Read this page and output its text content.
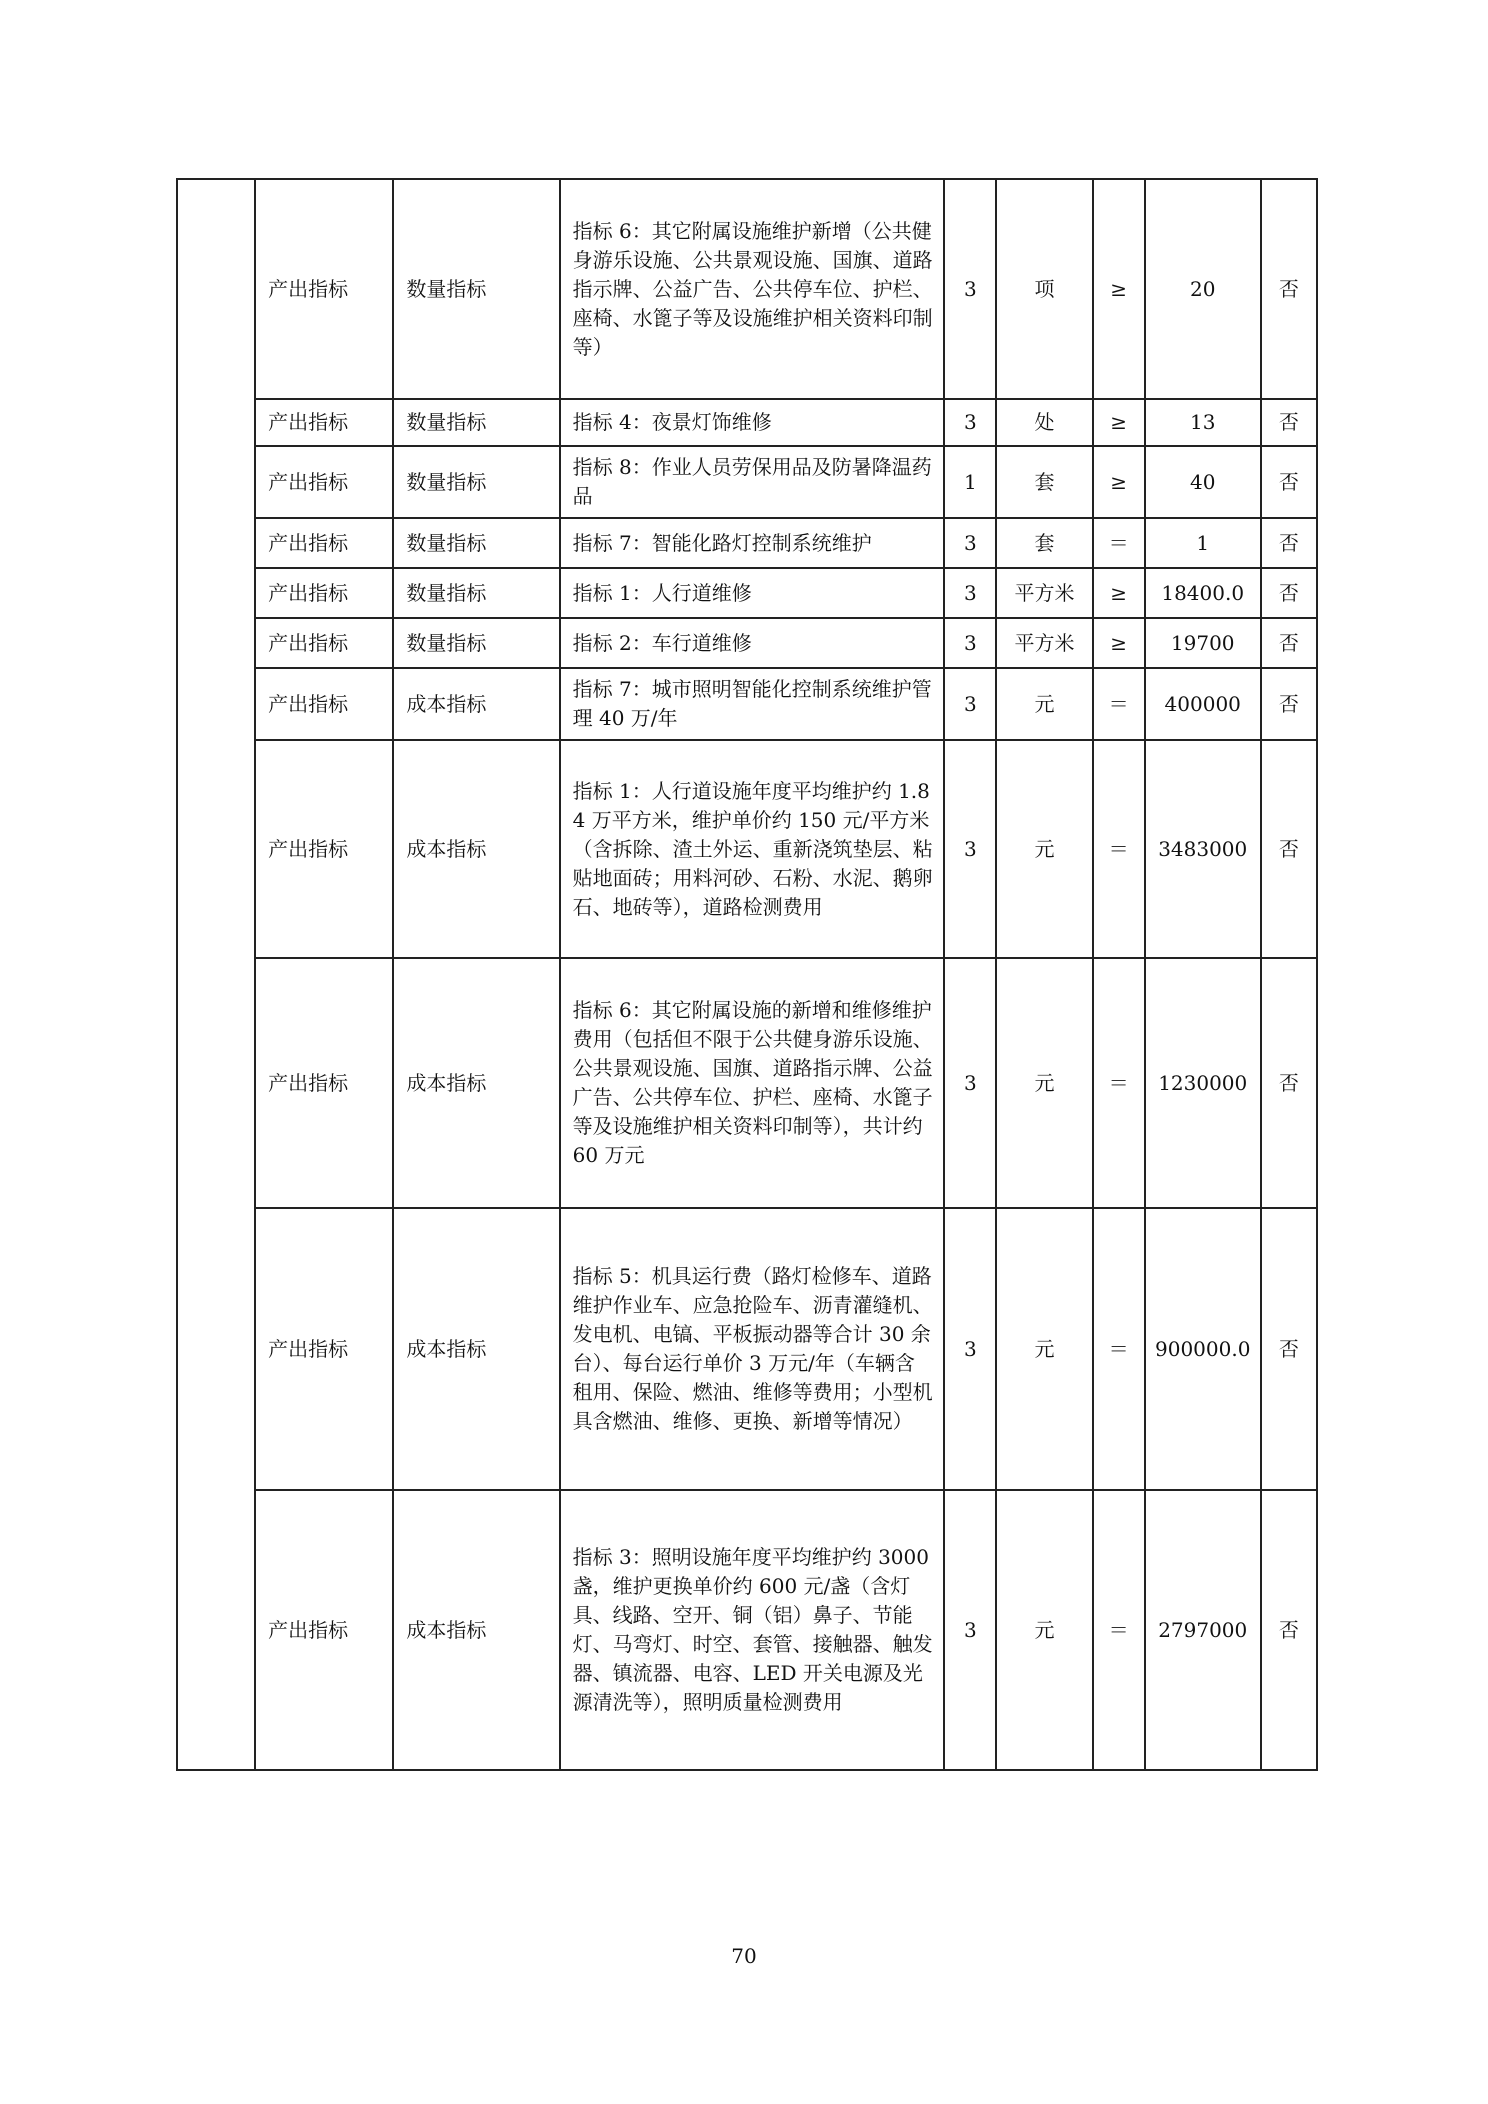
	产出指标	数量指标	指标 6：其它附属设施维护新增（公共健身游乐设施、公共景观设施、国旗、道路指示牌、公益广告、公共停车位、护栏、座椅、水篦子等及设施维护相关资料印制等）	3	项	≥	20	否
	产出指标	数量指标	指标 4：夜景灯饰维修	3	处	≥	13	否
	产出指标	数量指标	指标 8：作业人员劳保用品及防暑降温药品	1	套	≥	40	否
	产出指标	数量指标	指标 7：智能化路灯控制系统维护	3	套	＝	1	否
	产出指标	数量指标	指标 1：人行道维修	3	平方米	≥	18400.0	否
	产出指标	数量指标	指标 2：车行道维修	3	平方米	≥	19700	否
	产出指标	成本指标	指标 7：城市照明智能化控制系统维护管理 40 万/年	3	元	＝	400000	否
	产出指标	成本指标	指标 1：人行道设施年度平均维护约 1.84 万平方米，维护单价约 150 元/平方米（含拆除、渣土外运、重新浇筑垫层、粘贴地面砖；用料河砂、石粉、水泥、鹅卵石、地砖等），道路检测费用	3	元	＝	3483000	否
	产出指标	成本指标	指标 6：其它附属设施的新增和维修维护费用（包括但不限于公共健身游乐设施、公共景观设施、国旗、道路指示牌、公益广告、公共停车位、护栏、座椅、水篦子等及设施维护相关资料印制等），共计约 60 万元	3	元	＝	1230000	否
	产出指标	成本指标	指标 5：机具运行费（路灯检修车、道路维护作业车、应急抢险车、沥青灌缝机、发电机、电镐、平板振动器等合计 30 余台）、每台运行单价 3 万元/年（车辆含租用、保险、燃油、维修等费用；小型机具含燃油、维修、更换、新增等情况）	3	元	＝	900000.0	否
	产出指标	成本指标	指标 3：照明设施年度平均维护约 3000 盏，维护更换单价约 600 元/盏（含灯具、线路、空开、铜（铝）鼻子、节能灯、马弯灯、时空、套管、接触器、触发器、镇流器、电容、LED 开关电源及光源清洗等），照明质量检测费用	3	元	＝	2797000	否
70
